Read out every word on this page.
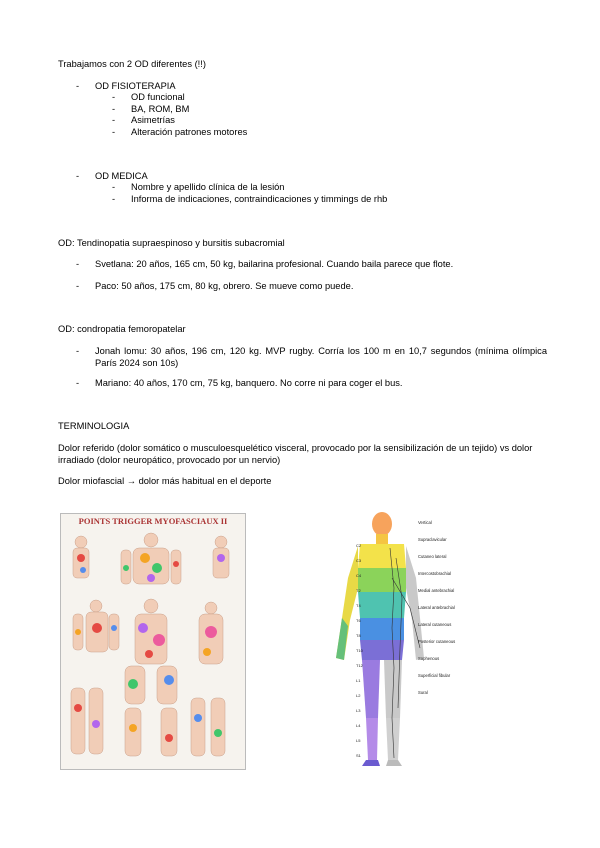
Trabajamos con 2 OD diferentes (!!)
- OD FISIOTERAPIA
- OD funcional
- BA, ROM, BM
- Asimetrías
- Alteración patrones motores
- OD MEDICA
- Nombre y apellido clínica de la lesión
- Informa de indicaciones, contraindicaciones y timmings de rhb
OD: Tendinopatia supraespinoso y bursitis subacromial
- Svetlana: 20 años, 165 cm, 50 kg, bailarina profesional. Cuando baila parece que flote.
- Paco: 50 años, 175 cm, 80 kg, obrero. Se mueve como puede.
OD: condropatia femoropatelar
- Jonah lomu: 30 años, 196 cm, 120 kg. MVP rugby. Corría los 100 m en 10,7 segundos (mínima olímpica París 2024 son 10s)
- Mariano: 40 años, 170 cm, 75 kg, banquero. No corre ni para coger el bus.
TERMINOLOGIA
Dolor referido (dolor somático o musculoesquelético visceral, provocado por la sensibilización de un tejido) vs dolor irradiado (dolor neuropático, provocado por un nervio)
Dolor miofascial → dolor más habitual en el deporte
POINTS TRIGGER MYOFASCIAUX II	Vertical
Supraclavicular
Cutaneo lateral
Intercostobrachial
Medial antebrachial
Lateral antebrachial
Lateral cutaneous
Posterior cutaneous
Saphenous
Superficial fibular
Sural
C2
C3
C4
T2
T4
T6
T8
T10
T12
L1
L2
L3
L4
L5
S1
